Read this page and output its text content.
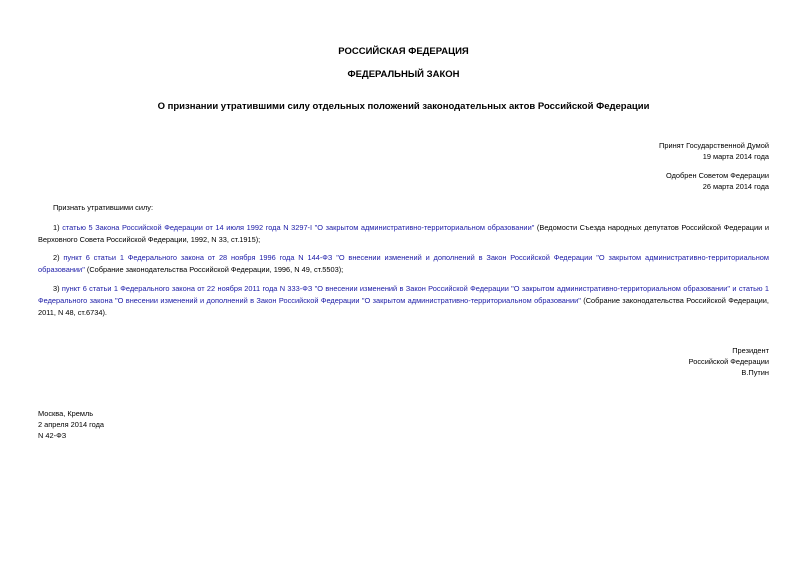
РОССИЙСКАЯ ФЕДЕРАЦИЯ
ФЕДЕРАЛЬНЫЙ ЗАКОН
О признании утратившими силу отдельных положений законодательных актов Российской Федерации
Принят Государственной Думой
19 марта 2014 года
Одобрен Советом Федерации
26 марта 2014 года
Признать утратившими силу:
1) статью 5 Закона Российской Федерации от 14 июля 1992 года N 3297-I "О закрытом административно-территориальном образовании" (Ведомости Съезда народных депутатов Российской Федерации и Верховного Совета Российской Федерации, 1992, N 33, ст.1915);
2) пункт 6 статьи 1 Федерального закона от 28 ноября 1996 года N 144-ФЗ "О внесении изменений и дополнений в Закон Российской Федерации "О закрытом административно-территориальном образовании" (Собрание законодательства Российской Федерации, 1996, N 49, ст.5503);
3) пункт 6 статьи 1 Федерального закона от 22 ноября 2011 года N 333-ФЗ "О внесении изменений в Закон Российской Федерации "О закрытом административно-территориальном образовании" и статью 1 Федерального закона "О внесении изменений и дополнений в Закон Российской Федерации "О закрытом административно-территориальном образовании" (Собрание законодательства Российской Федерации, 2011, N 48, ст.6734).
Президент
Российской Федерации
В.Путин
Москва, Кремль
2 апреля 2014 года
N 42-ФЗ
